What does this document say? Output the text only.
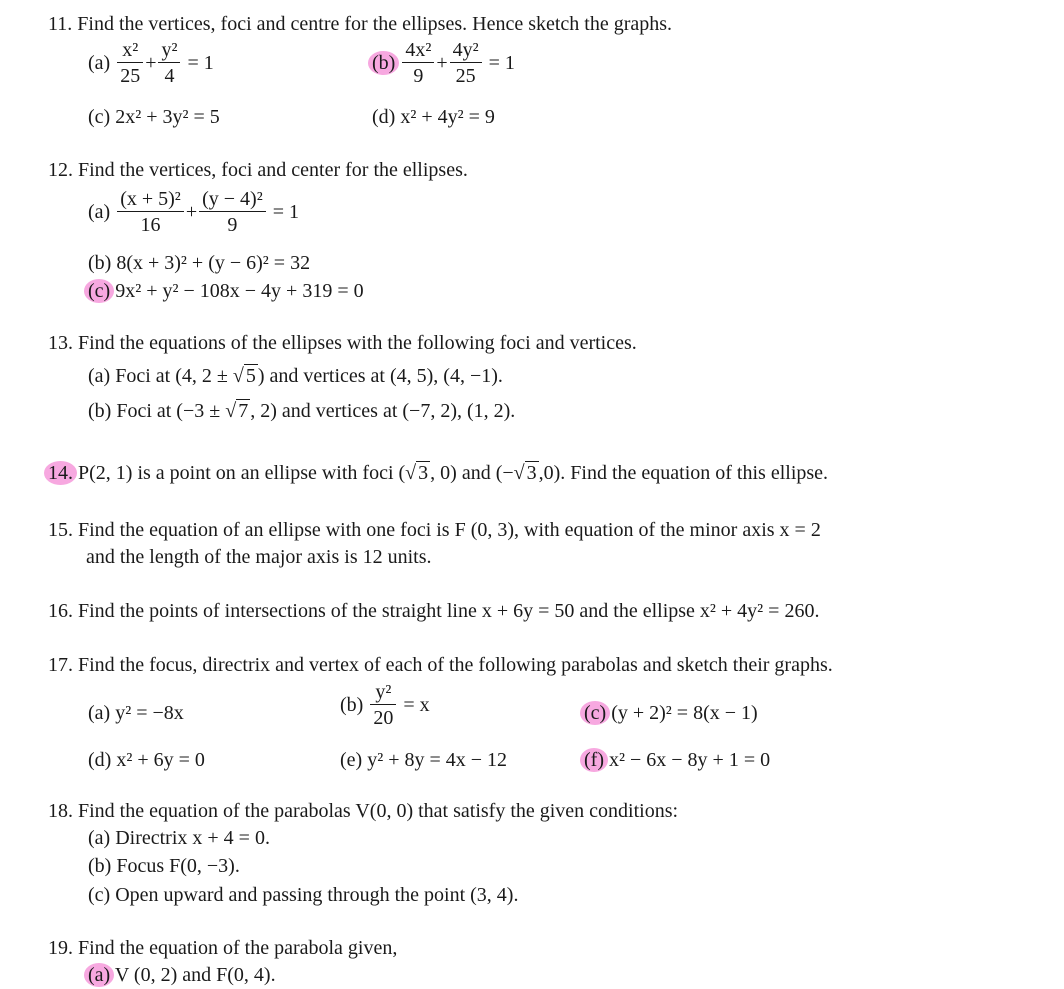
11. Find the vertices, foci and centre for the ellipses. Hence sketch the graphs.
$(a) \frac{\text{x²}}{25} + \frac{\text{y²}}{4} = 1$	$(b) \frac{\text{4x²}}{9} + \frac{\text{4y²}}{25} = 1$
(c) 2x² + 3y² = 5	(d) x² + 4y² = 9
12. Find the vertices, foci and center for the ellipses.
$(a) \frac{\text{(x + 5)²}}{16} + \frac{\text{(y − 4)²}}{9} = 1$
(b) 8(x + 3)² + (y − 6)² = 32
(c) 9x² + y² − 108x − 4y + 319 = 0
13. Find the equations of the ellipses with the following foci and vertices.
(a) Foci at (4, 2 ± √ 5 ) and vertices at (4, 5), (4, −1).
(b) Foci at (−3 ± √ 7 , 2) and vertices at (−7, 2), (1, 2).
14. P(2, 1) is a point on an ellipse with foci (√ 3 , 0) and (−√ 3 ,0). Find the equation of this ellipse.
15. Find the equation of an ellipse with one foci is F (0, 3), with equation of the minor axis x = 2
and the length of the major axis is 12 units.
16. Find the points of intersections of the straight line x + 6y = 50 and the ellipse x² + 4y² = 260.
17. Find the focus, directrix and vertex of each of the following parabolas and sketch their graphs.
(a) y² = −8x	$(b) \frac{\text{y²}}{20} = x$	(c) (y + 2)² = 8(x − 1)
(d) x² + 6y = 0	(e) y² + 8y = 4x − 12	(f) x² − 6x − 8y + 1 = 0
18. Find the equation of the parabolas V(0, 0) that satisfy the given conditions:
(a) Directrix x + 4 = 0.
(b) Focus F(0, −3).
(c) Open upward and passing through the point (3, 4).
19. Find the equation of the parabola given,
(a) V (0, 2) and F(0, 4).
